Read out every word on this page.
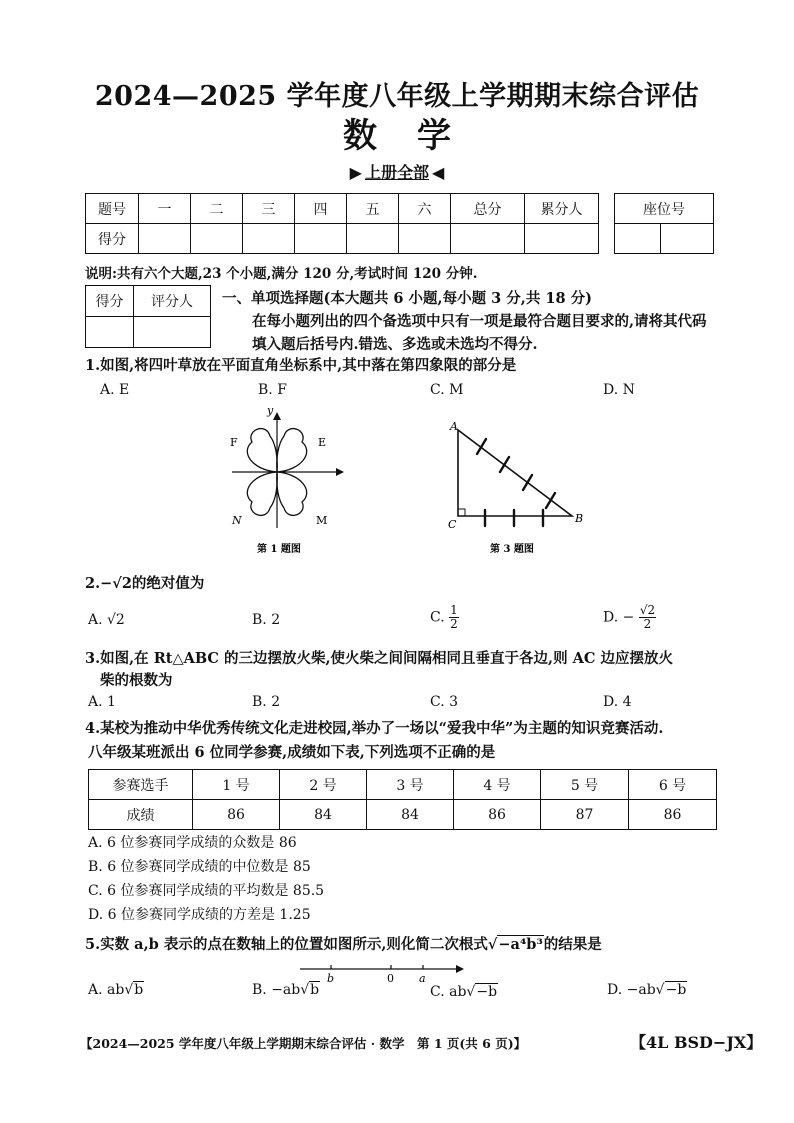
2024—2025 学年度八年级上学期期末综合评估
数学
▶ 上册全部 ◀
题号	一	二	三	四	五	六	总分	累分人
得分								
座位号

说明:共有六个大题,23 个小题,满分 120 分,考试时间 120 分钟.
得分	评分人
	一、单项选择题(本大题共 6 小题,每小题 3 分,共 18 分)
在每小题列出的四个备选项中只有一项是最符合题目要求的,请将其代码填入题后括号内.错选、多选或未选均不得分.
1.如图,将四叶草放在平面直角坐标系中,其中落在第四象限的部分是
A. E	B. F	C. M	D. N
y
F	E
N	M
第 1 题图
A
B
C
第 3 题图
2.−√2的绝对值为
A. √2	B. 2	C. $\frac{1}{2}$	D. − $\frac{√2}{2}$
3.如图,在 Rt△ABC 的三边摆放火柴,使火柴之间间隔相同且垂直于各边,则 AC 边应摆放火
柴的根数为
A. 1	B. 2	C. 3	D. 4
4.某校为推动中华优秀传统文化走进校园,举办了一场以“爱我中华”为主题的知识竞赛活动.
八年级某班派出 6 位同学参赛,成绩如下表,下列选项不正确的是
参赛选手	1 号	2 号	3 号	4 号	5 号	6 号
成绩	86	84	84	86	87	86
A. 6 位参赛同学成绩的众数是 86
B. 6 位参赛同学成绩的中位数是 85
C. 6 位参赛同学成绩的平均数是 85.5
D. 6 位参赛同学成绩的方差是 1.25
5.实数 a,b 表示的点在数轴上的位置如图所示,则化简二次根式√−a⁴b³的结果是
b	0 a
A. ab√b	B. −ab√b	C. ab√−b	D. −ab√−b
【2024—2025 学年度八年级上学期期末综合评估 · 数学　第 1 页(共 6 页)】	【4L BSD−JX】
